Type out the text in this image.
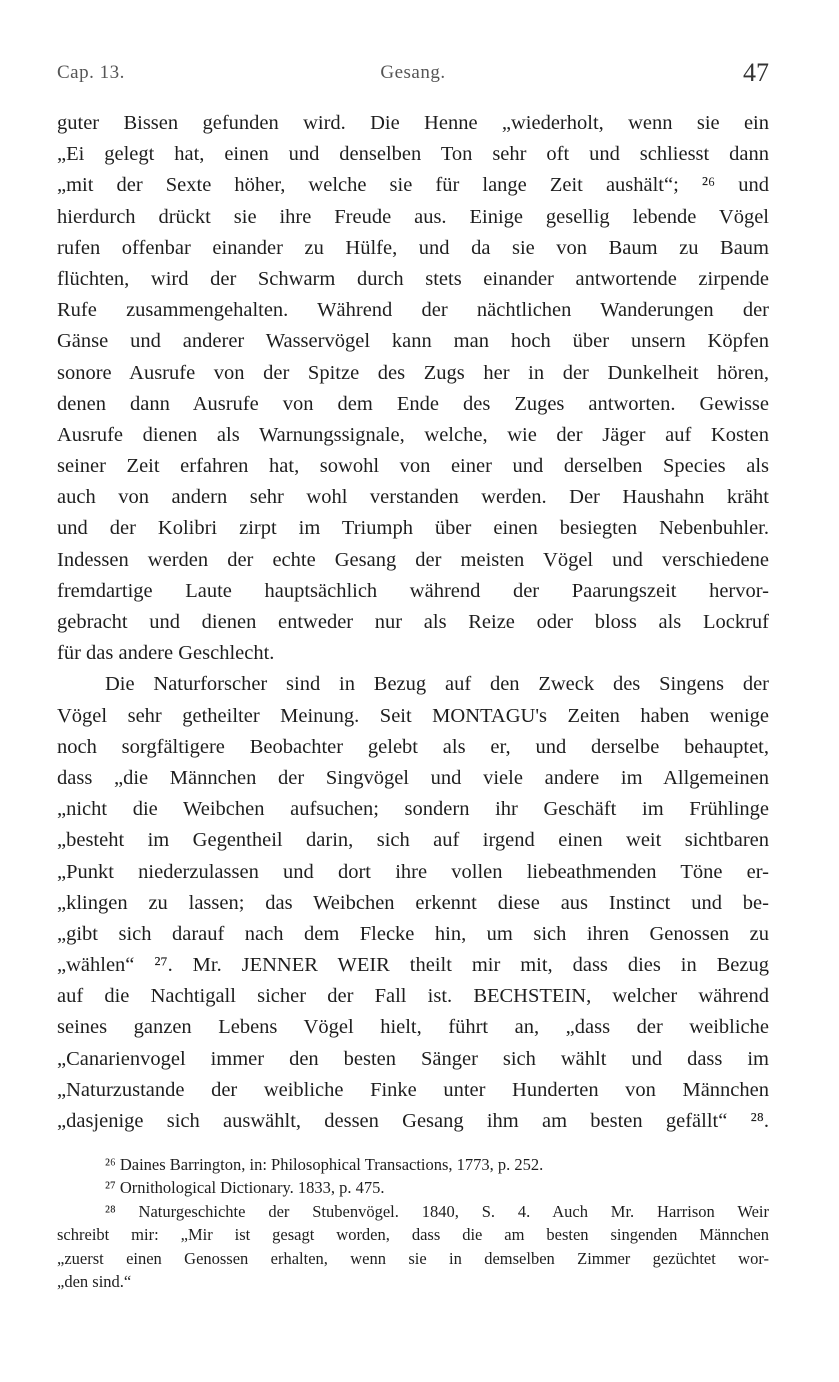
Cap. 13.	Gesang.	47
guter Bissen gefunden wird. Die Henne „wiederholt, wenn sie ein
„Ei gelegt hat, einen und denselben Ton sehr oft und schliesst dann
„mit der Sexte höher, welche sie für lange Zeit aushält“; ²⁶ und
hierdurch drückt sie ihre Freude aus. Einige gesellig lebende Vögel
rufen offenbar einander zu Hülfe, und da sie von Baum zu Baum
flüchten, wird der Schwarm durch stets einander antwortende zirpende
Rufe zusammengehalten. Während der nächtlichen Wanderungen der
Gänse und anderer Wasservögel kann man hoch über unsern Köpfen
sonore Ausrufe von der Spitze des Zugs her in der Dunkelheit hören,
denen dann Ausrufe von dem Ende des Zuges antworten. Gewisse
Ausrufe dienen als Warnungssignale, welche, wie der Jäger auf Kosten
seiner Zeit erfahren hat, sowohl von einer und derselben Species als
auch von andern sehr wohl verstanden werden. Der Haushahn kräht
und der Kolibri zirpt im Triumph über einen besiegten Nebenbuhler.
Indessen werden der echte Gesang der meisten Vögel und verschiedene
fremdartige Laute hauptsächlich während der Paarungszeit hervor-
gebracht und dienen entweder nur als Reize oder bloss als Lockruf
für das andere Geschlecht.
Die Naturforscher sind in Bezug auf den Zweck des Singens der
Vögel sehr getheilter Meinung. Seit MONTAGU's Zeiten haben wenige
noch sorgfältigere Beobachter gelebt als er, und derselbe behauptet,
dass „die Männchen der Singvögel und viele andere im Allgemeinen
„nicht die Weibchen aufsuchen; sondern ihr Geschäft im Frühlinge
„besteht im Gegentheil darin, sich auf irgend einen weit sichtbaren
„Punkt niederzulassen und dort ihre vollen liebeathmenden Töne er-
„klingen zu lassen; das Weibchen erkennt diese aus Instinct und be-
„gibt sich darauf nach dem Flecke hin, um sich ihren Genossen zu
„wählen“ ²⁷. Mr. JENNER WEIR theilt mir mit, dass dies in Bezug
auf die Nachtigall sicher der Fall ist. BECHSTEIN, welcher während
seines ganzen Lebens Vögel hielt, führt an, „dass der weibliche
„Canarienvogel immer den besten Sänger sich wählt und dass im
„Naturzustande der weibliche Finke unter Hunderten von Männchen
„dasjenige sich auswählt, dessen Gesang ihm am besten gefällt“ ²⁸.
²⁶ Daines Barrington, in: Philosophical Transactions, 1773, p. 252.
²⁷ Ornithological Dictionary. 1833, p. 475.
²⁸ Naturgeschichte der Stubenvögel. 1840, S. 4. Auch Mr. Harrison Weir
schreibt mir: „Mir ist gesagt worden, dass die am besten singenden Männchen
„zuerst einen Genossen erhalten, wenn sie in demselben Zimmer gezüchtet wor-
„den sind.“
